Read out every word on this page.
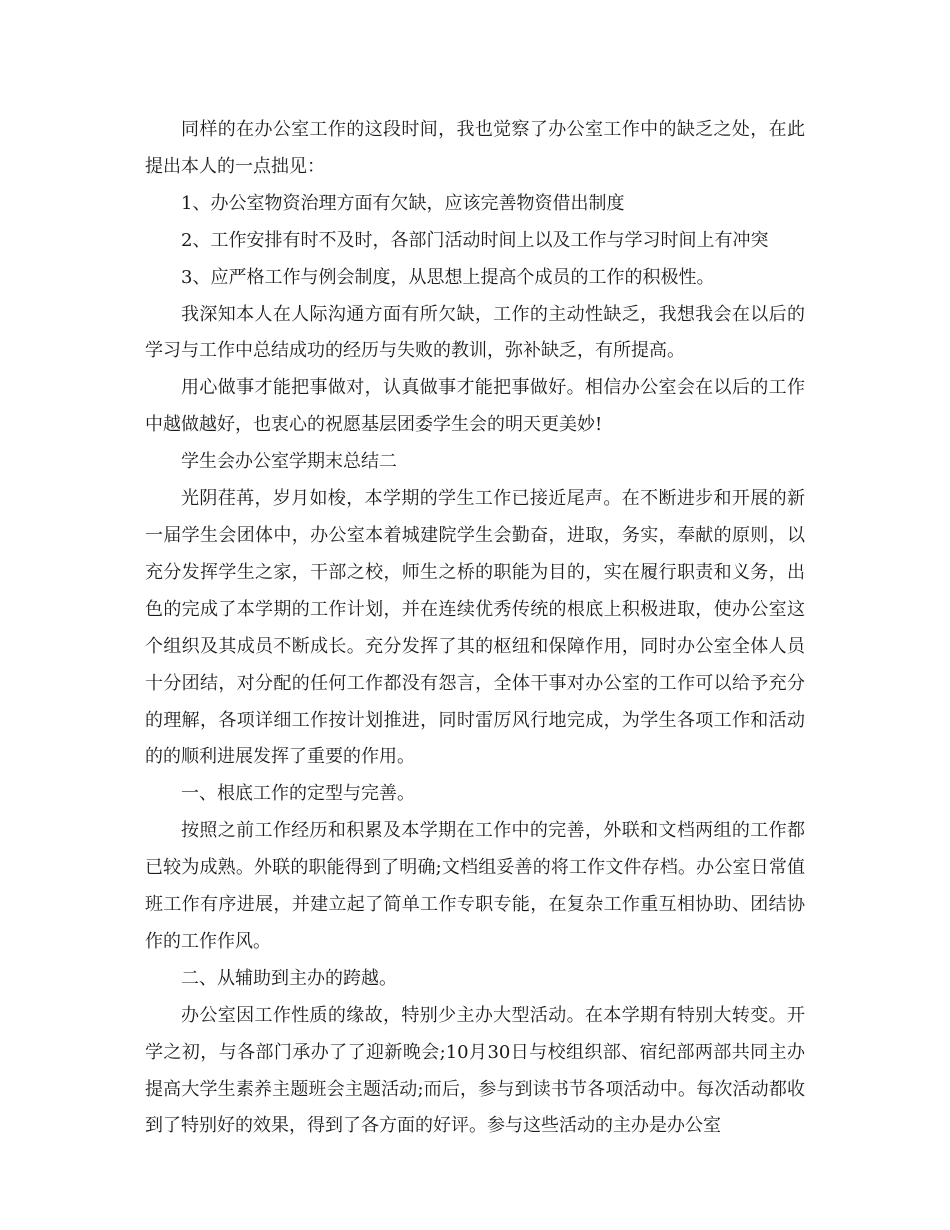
同样的在办公室工作的这段时间，我也觉察了办公室工作中的缺乏之处，在此提出本人的一点拙见：

1、办公室物资治理方面有欠缺，应该完善物资借出制度

2、工作安排有时不及时，各部门活动时间上以及工作与学习时间上有冲突

3、应严格工作与例会制度，从思想上提高个成员的工作的积极性。

我深知本人在人际沟通方面有所欠缺，工作的主动性缺乏，我想我会在以后的学习与工作中总结成功的经历与失败的教训，弥补缺乏，有所提高。

用心做事才能把事做对，认真做事才能把事做好。相信办公室会在以后的工作中越做越好，也衷心的祝愿基层团委学生会的明天更美妙!

学生会办公室学期末总结二

光阴荏苒，岁月如梭，本学期的学生工作已接近尾声。在不断进步和开展的新一届学生会团体中，办公室本着城建院学生会勤奋，进取，务实，奉献的原则，以充分发挥学生之家，干部之校，师生之桥的职能为目的，实在履行职责和义务，出色的完成了本学期的工作计划，并在连续优秀传统的根底上积极进取，使办公室这个组织及其成员不断成长。充分发挥了其的枢纽和保障作用，同时办公室全体人员十分团结，对分配的任何工作都没有怨言，全体干事对办公室的工作可以给予充分的理解，各项详细工作按计划推进，同时雷厉风行地完成，为学生各项工作和活动的的顺利进展发挥了重要的作用。

一、根底工作的定型与完善。

按照之前工作经历和积累及本学期在工作中的完善，外联和文档两组的工作都已较为成熟。外联的职能得到了明确;文档组妥善的将工作文件存档。办公室日常值班工作有序进展，并建立起了简单工作专职专能，在复杂工作重互相协助、团结协作的工作作风。

二、从辅助到主办的跨越。

办公室因工作性质的缘故，特别少主办大型活动。在本学期有特别大转变。开学之初，与各部门承办了了迎新晚会;10月30日与校组织部、宿纪部两部共同主办提高大学生素养主题班会主题活动;而后，参与到读书节各项活动中。每次活动都收到了特别好的效果，得到了各方面的好评。参与这些活动的主办是办公室
